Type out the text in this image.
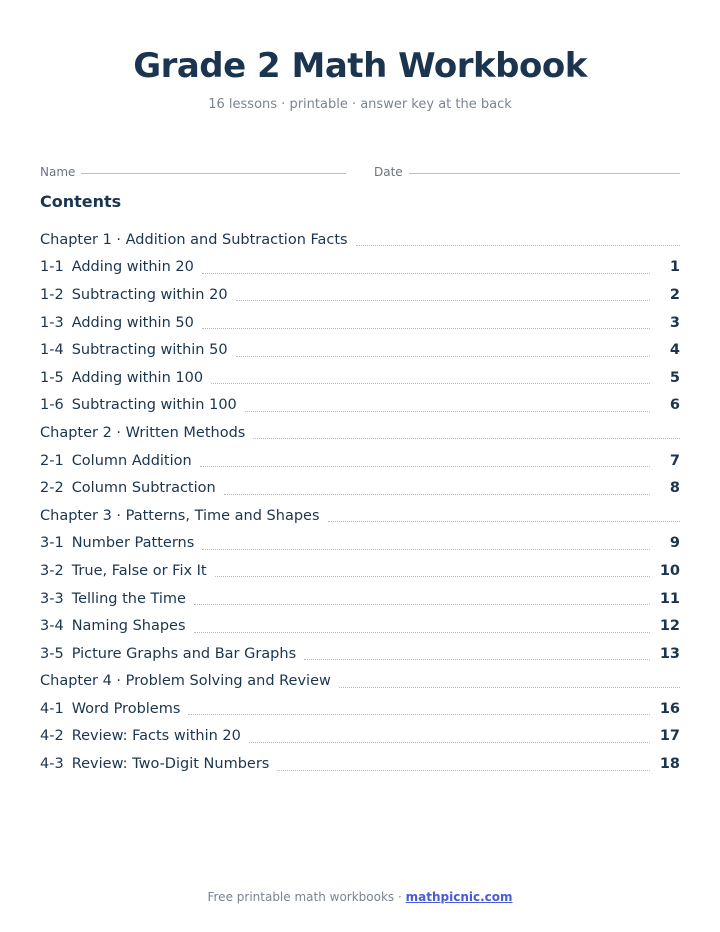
Grade 2 Math Workbook

16 lessons · printable · answer key at the back

Name	Date
Contents
Chapter 1 · Addition and Subtraction Facts
1-1 Adding within 20	1
1-2 Subtracting within 20	2
1-3 Adding within 50	3
1-4 Subtracting within 50	4
1-5 Adding within 100	5
1-6 Subtracting within 100	6
Chapter 2 · Written Methods
2-1 Column Addition	7
2-2 Column Subtraction	8
Chapter 3 · Patterns, Time and Shapes
3-1 Number Patterns	9
3-2 True, False or Fix It	10
3-3 Telling the Time	11
3-4 Naming Shapes	12
3-5 Picture Graphs and Bar Graphs	13
Chapter 4 · Problem Solving and Review
4-1 Word Problems	16
4-2 Review: Facts within 20	17
4-3 Review: Two-Digit Numbers	18
Free printable math workbooks · mathpicnic.com
